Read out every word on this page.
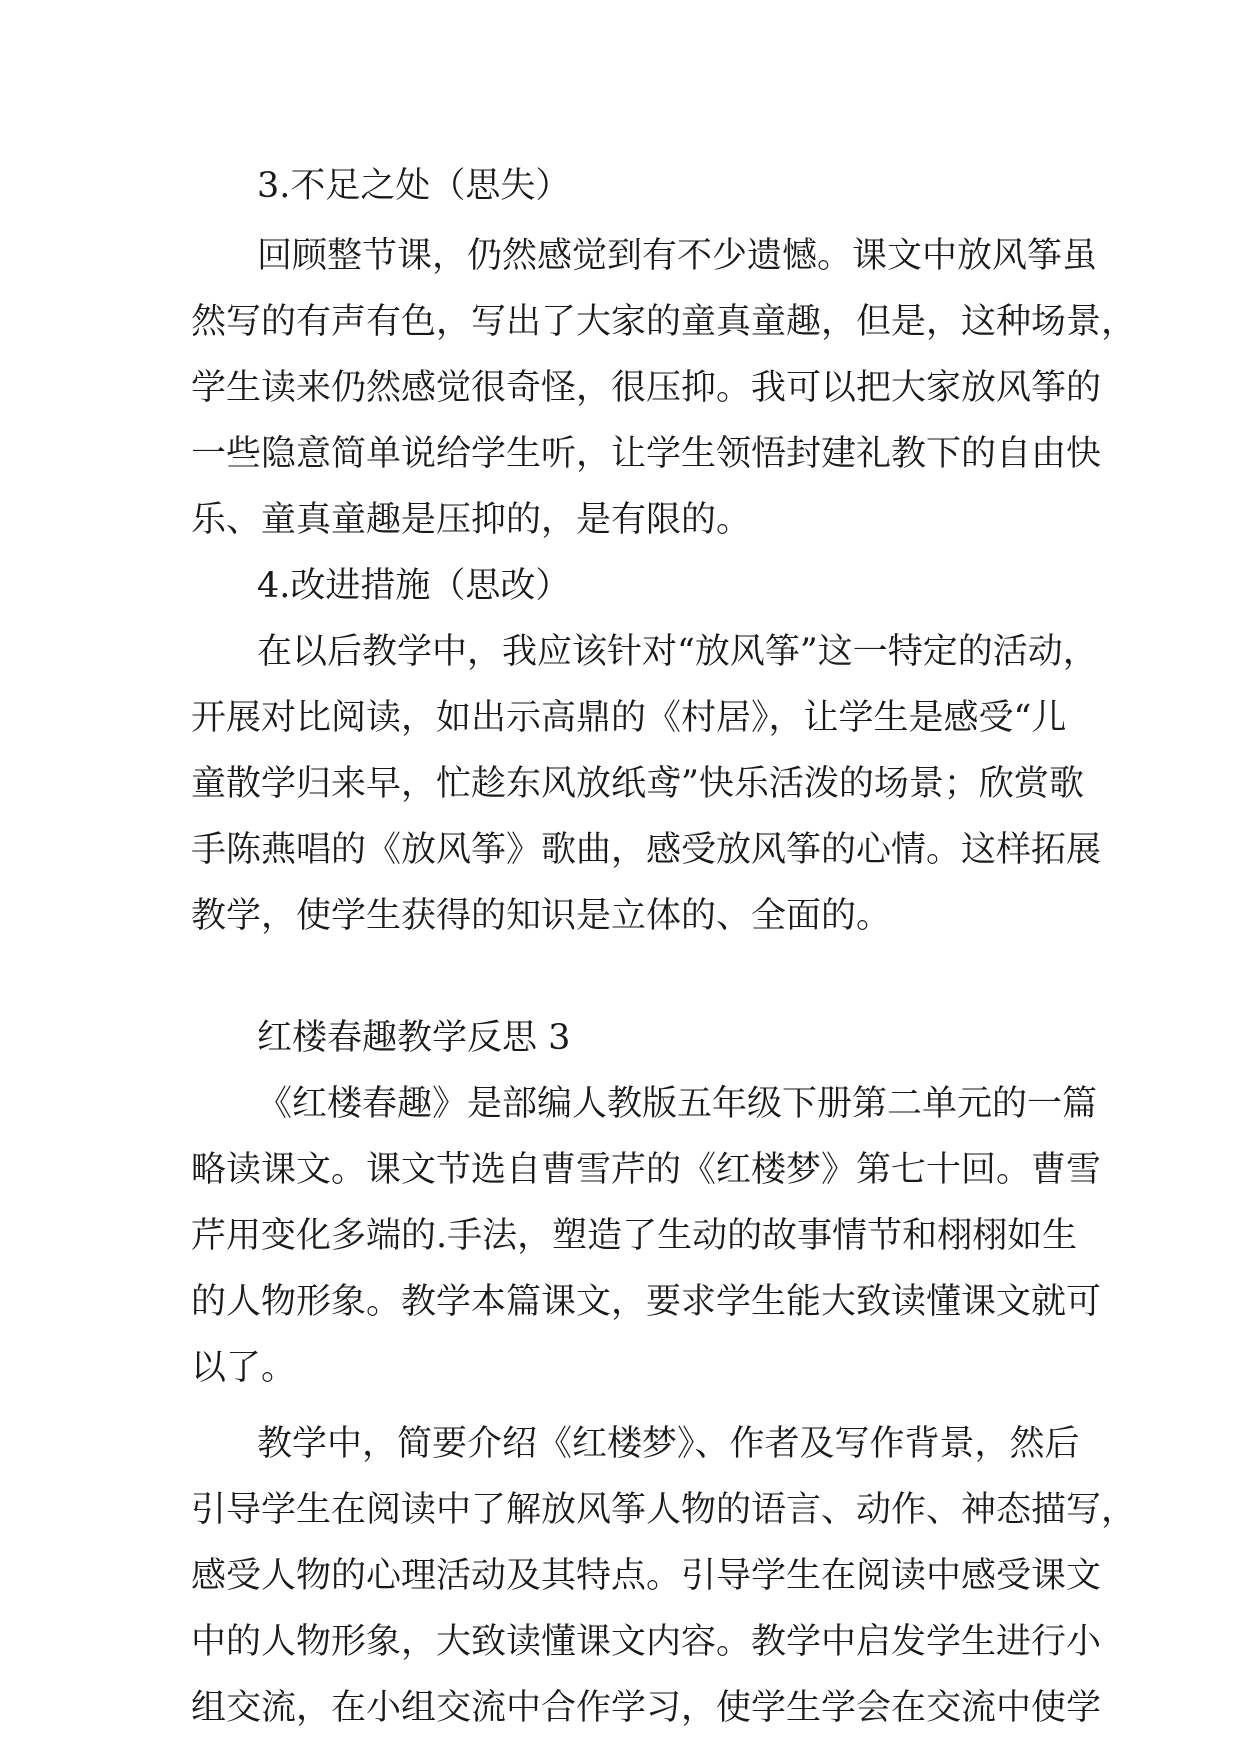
3.不足之处（思失）
回顾整节课，仍然感觉到有不少遗憾。课文中放风筝虽
然写的有声有色，写出了大家的童真童趣，但是，这种场景，
学生读来仍然感觉很奇怪，很压抑。我可以把大家放风筝的
一些隐意简单说给学生听，让学生领悟封建礼教下的自由快
乐、童真童趣是压抑的，是有限的。
4.改进措施（思改）
在以后教学中，我应该针对“放风筝”这一特定的活动，
开展对比阅读，如出示高鼎的《村居》，让学生是感受“儿
童散学归来早，忙趁东风放纸鸢”快乐活泼的场景；欣赏歌
手陈燕唱的《放风筝》歌曲，感受放风筝的心情。这样拓展
教学，使学生获得的知识是立体的、全面的。
红楼春趣教学反思 3
《红楼春趣》是部编人教版五年级下册第二单元的一篇
略读课文。课文节选自曹雪芹的《红楼梦》第七十回。曹雪
芹用变化多端的.手法，塑造了生动的故事情节和栩栩如生
的人物形象。教学本篇课文，要求学生能大致读懂课文就可
以了。
教学中，简要介绍《红楼梦》、作者及写作背景，然后
引导学生在阅读中了解放风筝人物的语言、动作、神态描写，
感受人物的心理活动及其特点。引导学生在阅读中感受课文
中的人物形象，大致读懂课文内容。教学中启发学生进行小
组交流，在小组交流中合作学习，使学生学会在交流中使学
